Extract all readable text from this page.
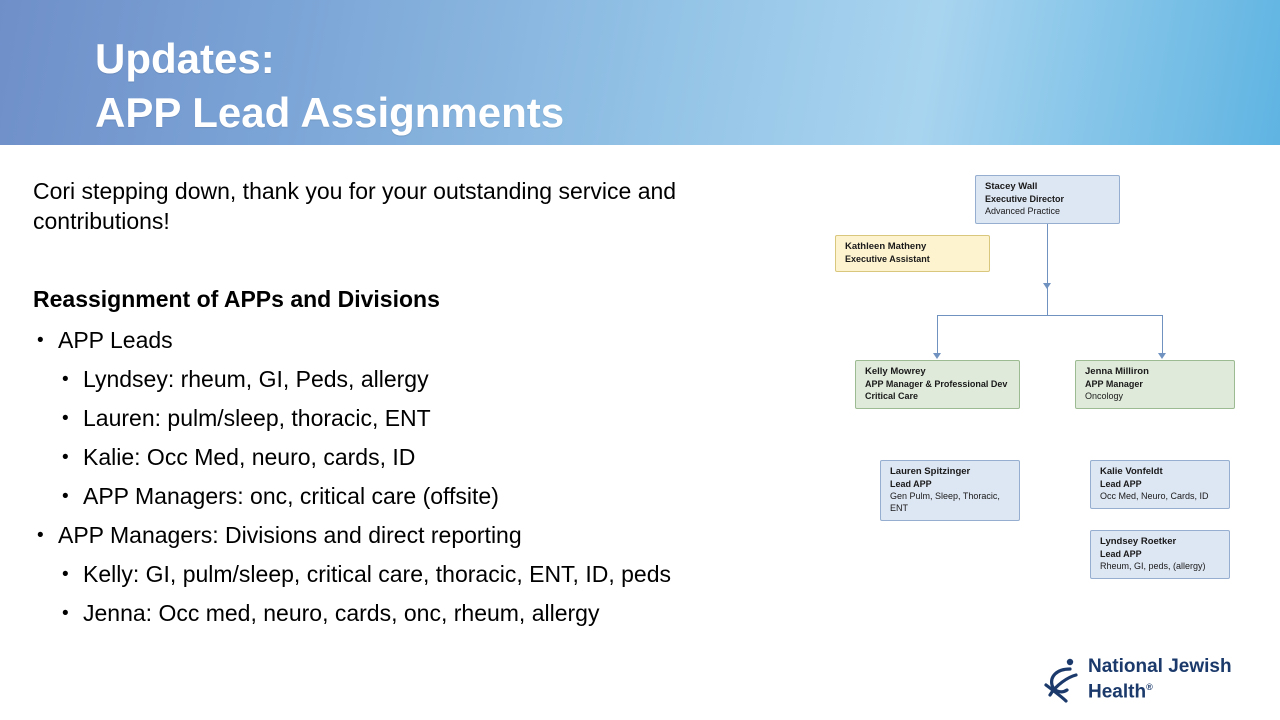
Updates:
APP Lead Assignments
Cori stepping down, thank you for your outstanding service and contributions!
Reassignment of APPs and Divisions
• APP Leads
• Lyndsey: rheum, GI, Peds, allergy
• Lauren: pulm/sleep, thoracic, ENT
• Kalie: Occ Med, neuro, cards, ID
• APP Managers: onc, critical care (offsite)
• APP Managers: Divisions and direct reporting
• Kelly: GI, pulm/sleep, critical care, thoracic, ENT, ID, peds
• Jenna: Occ med, neuro, cards, onc, rheum, allergy
Stacey Wall
Executive Director
Advanced Practice
Kathleen Matheny
Executive Assistant
Kelly Mowrey
APP Manager & Professional Dev
Critical Care
Jenna Milliron
APP Manager
Oncology
Lauren Spitzinger
Lead APP
Gen Pulm, Sleep, Thoracic, ENT
Kalie Vonfeldt
Lead APP
Occ Med, Neuro, Cards, ID
Lyndsey Roetker
Lead APP
Rheum, GI, peds, (allergy)
National Jewish
Health®
